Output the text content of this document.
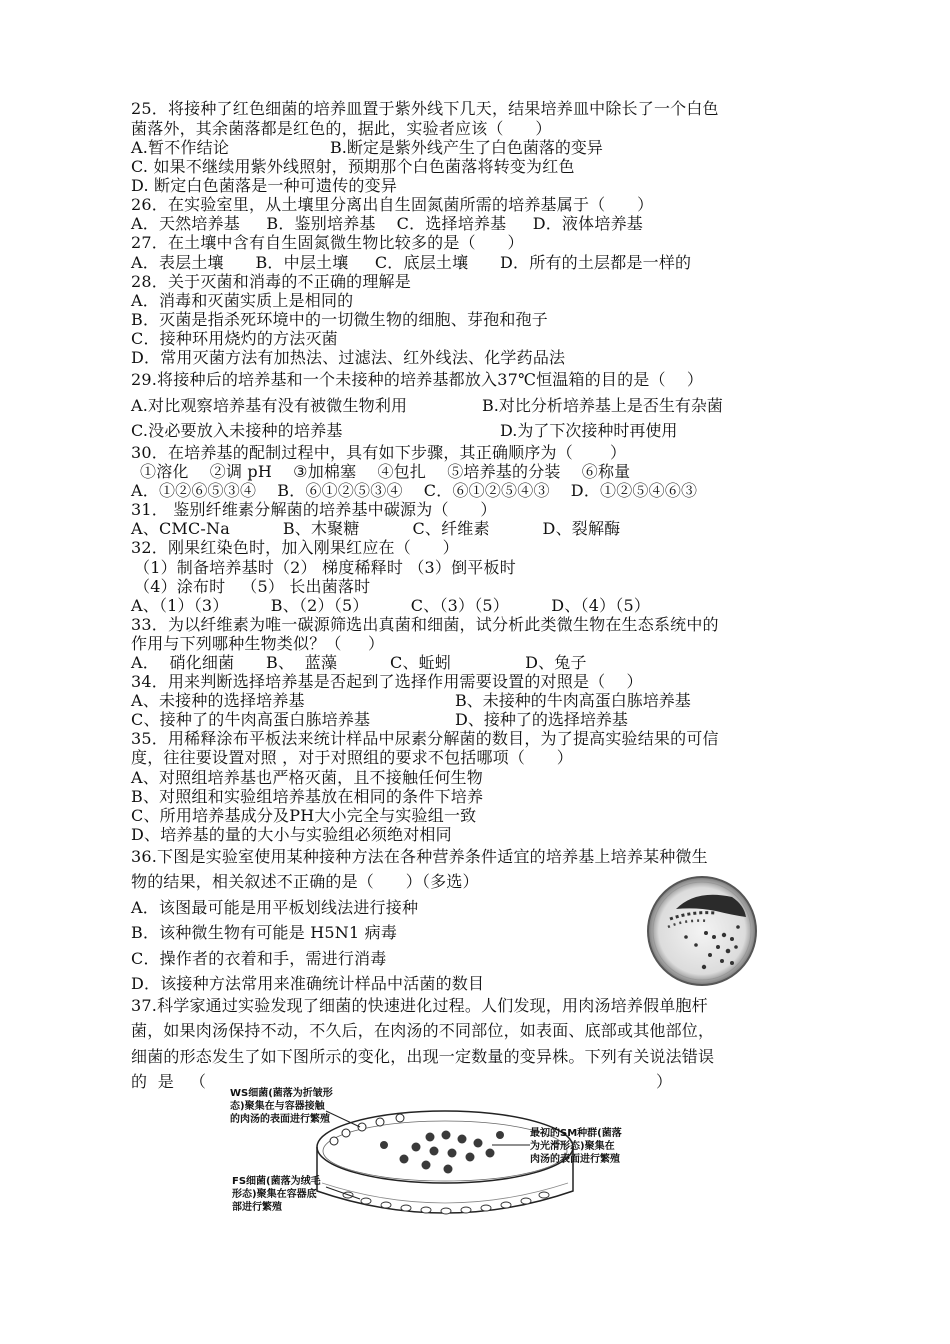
25．将接种了红色细菌的培养皿置于紫外线下几天，结果培养皿中除长了一个白色
菌落外，其余菌落都是红色的，据此，实验者应该（      ）
A.暂不作结论	B.断定是紫外线产生了白色菌落的变异
C. 如果不继续用紫外线照射，预期那个白色菌落将转变为红色
D. 断定白色菌落是一种可遗传的变异
26．在实验室里，从土壤里分离出自生固氮菌所需的培养基属于（      ）
A．天然培养基     B．鉴别培养基    C．选择培养基     D．液体培养基
27．在土壤中含有自生固氮微生物比较多的是（      ）
A．表层土壤      B．中层土壤     C．底层土壤      D．所有的土层都是一样的
28．关于灭菌和消毒的不正确的理解是
A．消毒和灭菌实质上是相同的
B．灭菌是指杀死环境中的一切微生物的细胞、芽孢和孢子
C．接种环用烧灼的方法灭菌
D．常用灭菌方法有加热法、过滤法、红外线法、化学药品法
29.将接种后的培养基和一个未接种的培养基都放入37℃恒温箱的目的是（    ）
A.对比观察培养基有没有被微生物利用	B.对比分析培养基上是否生有杂菌
C.没必要放入未接种的培养基	D.为了下次接种时再使用
30．在培养基的配制过程中，具有如下步骤，其正确顺序为（       ）
①溶化    ②调 pH    ③加棉塞    ④包扎    ⑤培养基的分装    ⑥称量
A．①②⑥⑤③④    B．⑥①②⑤③④    C．⑥①②⑤④③    D．①②⑤④⑥③
31． 鉴别纤维素分解菌的培养基中碳源为（      ）
A、CMC-Na          B、木聚糖          C、纤维素          D、裂解酶
32．刚果红染色时，加入刚果红应在（      ）
（1）制备培养基时（2） 梯度稀释时 （3）倒平板时
（4）涂布时   （5） 长出菌落时
A、（1）（3）        B、（2）（5）        C、（3）（5）        D、（4）（5）
33．为以纤维素为唯一碳源筛选出真菌和细菌，试分析此类微生物在生态系统中的
作用与下列哪种生物类似？（     ）
A．  硝化细菌      B、  蓝藻          C、蚯蚓              D、兔子
34．用来判断选择培养基是否起到了选择作用需要设置的对照是（    ）
A、未接种的选择培养基	B、未接种的牛肉高蛋白胨培养基
C、接种了的牛肉高蛋白胨培养基	D、接种了的选择培养基
35．用稀释涂布平板法来统计样品中尿素分解菌的数目，为了提高实验结果的可信
度，往往要设置对照 ，对于对照组的要求不包括哪项（      ）
A、对照组培养基也严格灭菌，且不接触任何生物
B、对照组和实验组培养基放在相同的条件下培养
C、所用培养基成分及PH大小完全与实验组一致
D、培养基的量的大小与实验组必须绝对相同
36.下图是实验室使用某种接种方法在各种营养条件适宜的培养基上培养某种微生
物的结果，相关叙述不正确的是（      ）（多选）
A．该图最可能是用平板划线法进行接种
B．该种微生物有可能是 H5N1 病毒
C．操作者的衣着和手，需进行消毒
D．该接种方法常用来准确统计样品中活菌的数目
37.科学家通过实验发现了细菌的快速进化过程。人们发现，用肉汤培养假单胞杆
菌，如果肉汤保持不动，不久后，在肉汤的不同部位，如表面、底部或其他部位，
细菌的形态发生了如下图所示的变化，出现一定数量的变异株。下列有关说法错误
的  是   （	）
WS细菌(菌落为折皱形
态)聚集在与容器接触
的肉汤的表面进行繁殖
最初的SM种群(菌落
为光滑形态)聚集在
肉汤的表面进行繁殖
FS细菌(菌落为绒毛
形态)聚集在容器底
部进行繁殖
